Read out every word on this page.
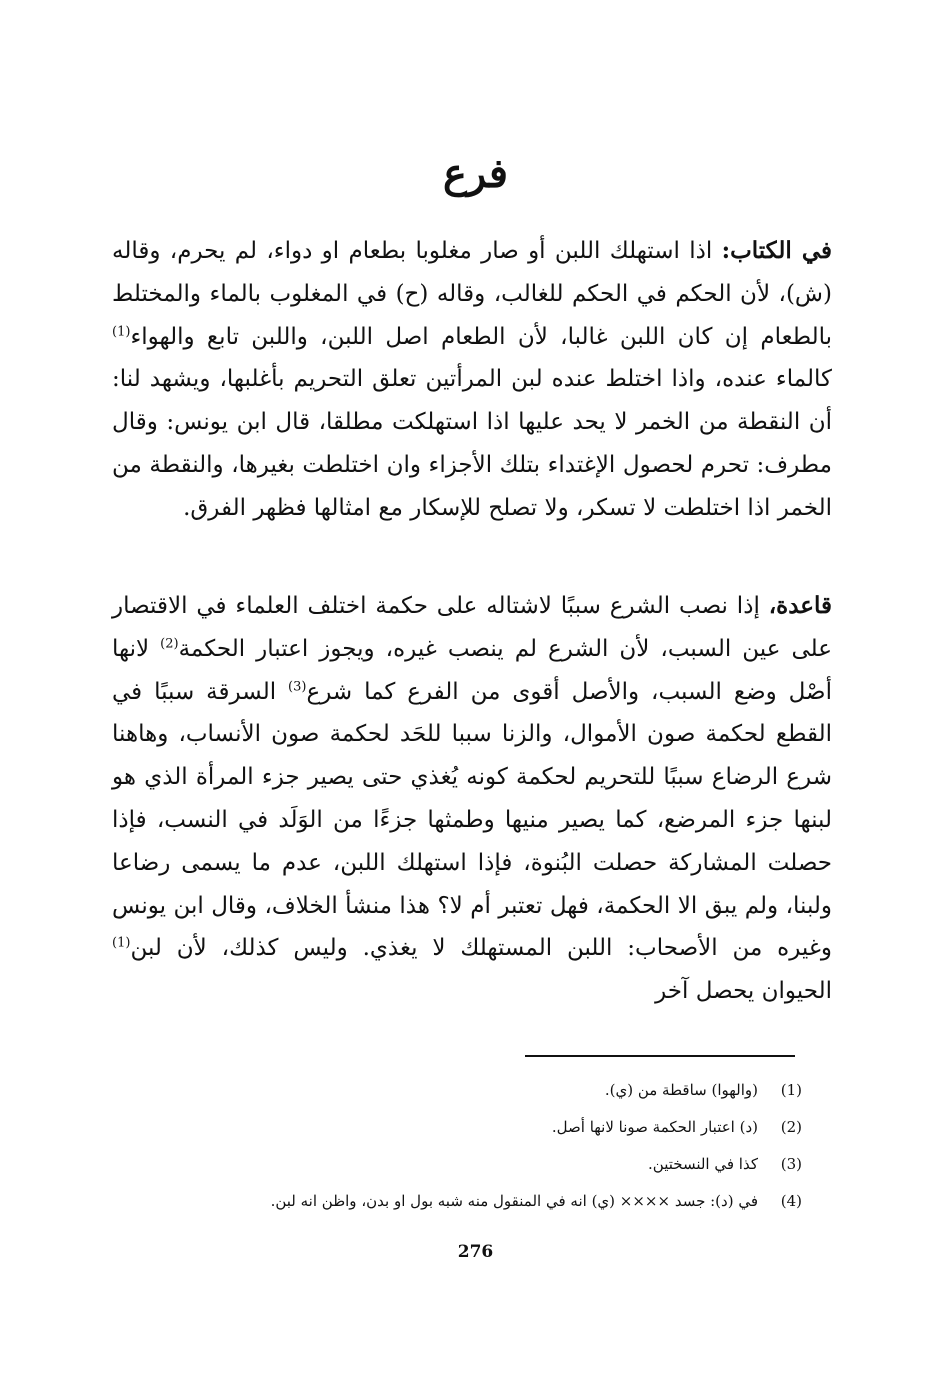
فرع
في الكتاب: اذا استهلك اللبن أو صار مغلوبا بطعام او دواء، لم يحرم، وقاله (ش)، لأن الحكم في الحكم للغالب، وقاله (ح) في المغلوب بالماء والمختلط بالطعام إن كان اللبن غالبا، لأن الطعام اصل اللبن، واللبن تابع والهواء$^{(1)}$ كالماء عنده، واذا اختلط عنده لبن المرأتين تعلق التحريم بأغلبها، ويشهد لنا: أن النقطة من الخمر لا يحد عليها اذا استهلكت مطلقا، قال ابن يونس: وقال مطرف: تحرم لحصول الإغتداء بتلك الأجزاء وان اختلطت بغيرها، والنقطة من الخمر اذا اختلطت لا تسكر، ولا تصلح للإسكار مع امثالها فظهر الفرق.
قاعدة، إذا نصب الشرع سببًا لاشتاله على حكمة اختلف العلماء في الاقتصار على عين السبب، لأن الشرع لم ينصب غيره، ويجوز اعتبار الحكمة$^{(2)}$ لانها أصْل وضع السبب، والأصل أقوى من الفرع كما شرع$^{(3)}$ السرقة سببًا في القطع لحكمة صون الأموال، والزنا سببا للحَد لحكمة صون الأنساب، وهاهنا شرع الرضاع سببًا للتحريم لحكمة كونه يُغذي حتى يصير جزء المرأة الذي هو لبنها جزء المرضع، كما يصير منيها وطمثها جزءًا من الوَلَد في النسب، فإذا حصلت المشاركة حصلت البُنوة، فإذا استهلك اللبن، عدم ما يسمى رضاعا ولبنا، ولم يبق الا الحكمة، فهل تعتبر أم لا؟ هذا منشأ الخلاف، وقال ابن يونس وغيره من الأصحاب: اللبن المستهلك لا يغذي. وليس كذلك، لأن لبن$^{(1)}$ الحيوان يحصل آخر
(1)(والهوا) ساقطة من (ي).
(2)(د) اعتبار الحكمة صونا لانها أصل.
(3)كذا في النسختين.
(4)في (د): جسد ×××× (ي) انه في المنقول منه شبه بول او بدن، واظن انه لبن.
276
